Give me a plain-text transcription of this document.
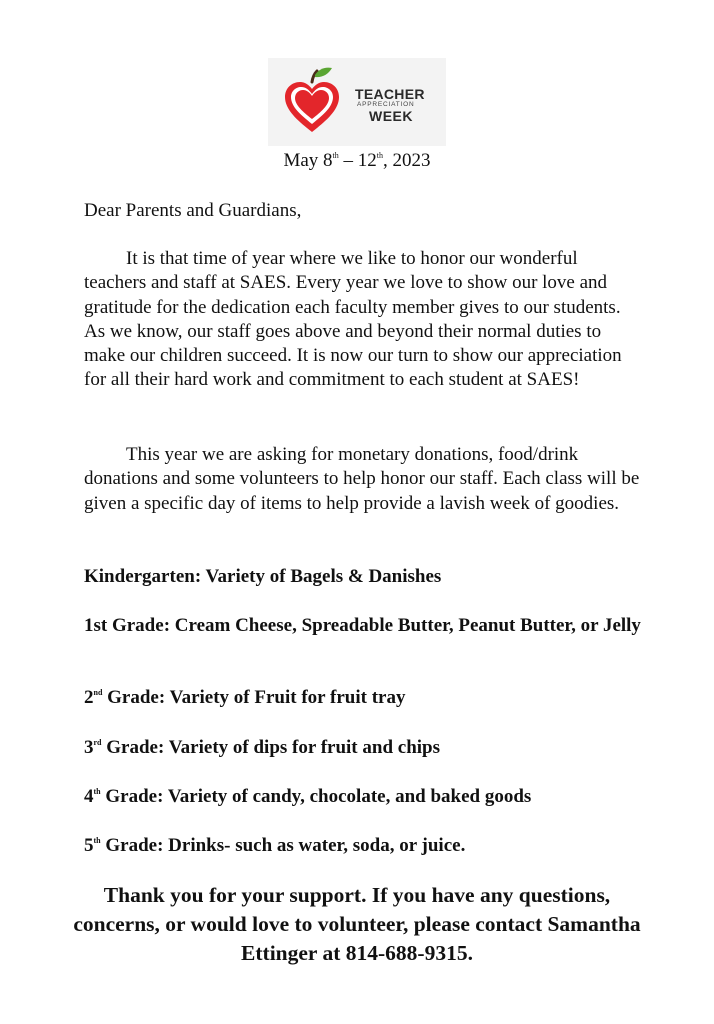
TEACHER
APPRECIATION
WEEK
May 8th – 12th, 2023
Dear Parents and Guardians,
It is that time of year where we like to honor our wonderful teachers and staff at SAES. Every year we love to show our love and gratitude for the dedication each faculty member gives to our students. As we know, our staff goes above and beyond their normal duties to make our children succeed. It is now our turn to show our appreciation for all their hard work and commitment to each student at SAES!
This year we are asking for monetary donations, food/drink donations and some volunteers to help honor our staff. Each class will be given a specific day of items to help provide a lavish week of goodies.
Kindergarten: Variety of Bagels & Danishes
1st Grade: Cream Cheese, Spreadable Butter, Peanut Butter, or Jelly
2nd Grade: Variety of Fruit for fruit tray
3rd Grade: Variety of dips for fruit and chips
4th Grade: Variety of candy, chocolate, and baked goods
5th Grade: Drinks- such as water, soda, or juice.
Thank you for your support. If you have any questions, concerns, or would love to volunteer, please contact Samantha Ettinger at 814-688-9315.
